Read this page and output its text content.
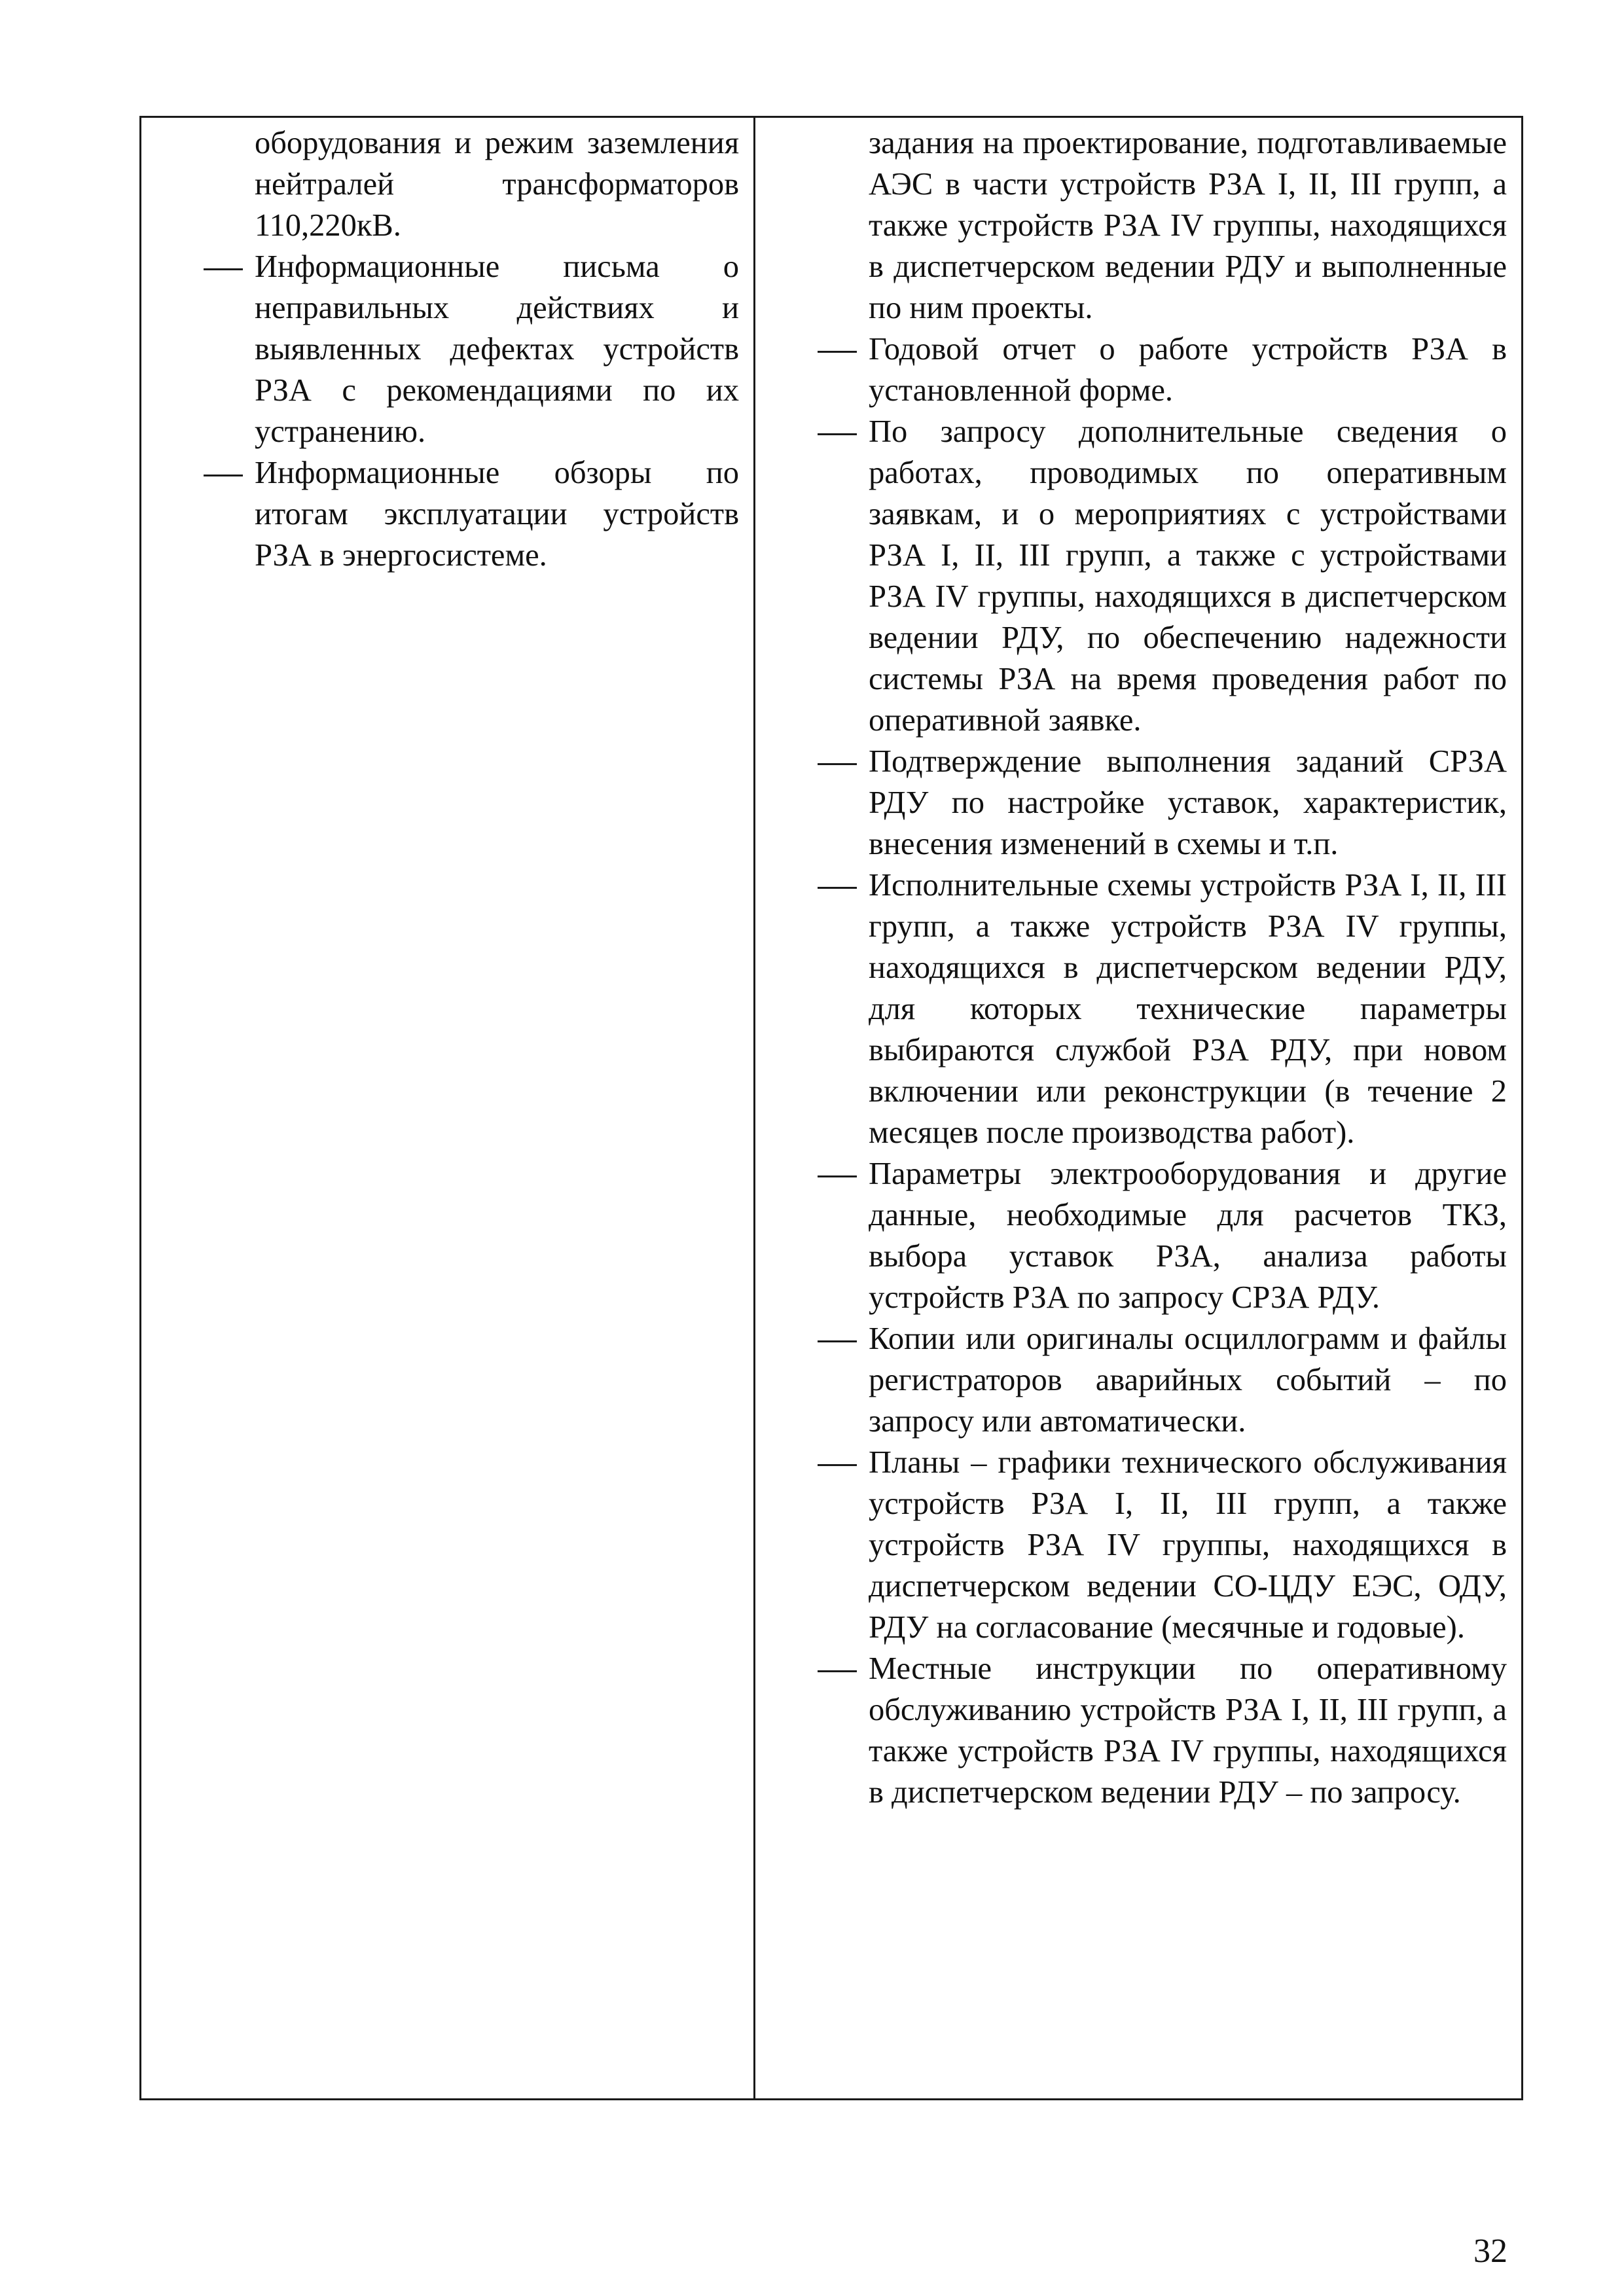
оборудования и режим заземления нейтралей трансформаторов 110,220кВ.

Информационные письма о неправильных действиях и выявленных дефектах устройств РЗА с рекомендациями по их устранению.
Информационные обзоры по итогам эксплуатации устройств РЗА в энергосистеме.

задания на проектирование, подготавливаемые АЭС в части устройств РЗА I, II, III групп, а также устройств РЗА IV группы, находящихся в диспетчерском ведении РДУ и выполненные по ним проекты.

Годовой отчет о работе устройств РЗА в установленной форме.
По запросу дополнительные сведения о работах, проводимых по оперативным заявкам, и о мероприятиях с устройствами РЗА I, II, III групп, а также с устройствами РЗА IV группы, находящихся в диспетчерском ведении РДУ, по обеспечению надежности системы РЗА на время проведения работ по оперативной заявке.
Подтверждение выполнения заданий СРЗА РДУ по настройке уставок, характеристик, внесения изменений в схемы и т.п.
Исполнительные схемы устройств РЗА I, II, III групп, а также устройств РЗА IV группы, находящихся в диспетчерском ведении РДУ, для которых технические параметры выбираются службой РЗА РДУ, при новом включении или реконструкции (в течение 2 месяцев после производства работ).
Параметры электрооборудования и другие данные, необходимые для расчетов ТКЗ, выбора уставок РЗА, анализа работы устройств РЗА по запросу СРЗА РДУ.
Копии или оригиналы осциллограмм и файлы регистраторов аварийных событий – по запросу или автоматически.
Планы – графики технического обслуживания устройств РЗА I, II, III групп, а также устройств РЗА IV группы, находящихся в диспетчерском ведении СО-ЦДУ ЕЭС, ОДУ, РДУ на согласование (месячные и годовые).
Местные инструкции по оперативному обслуживанию устройств РЗА I, II, III групп, а также устройств РЗА IV группы, находящихся в диспетчерском ведении РДУ – по запросу.
32
